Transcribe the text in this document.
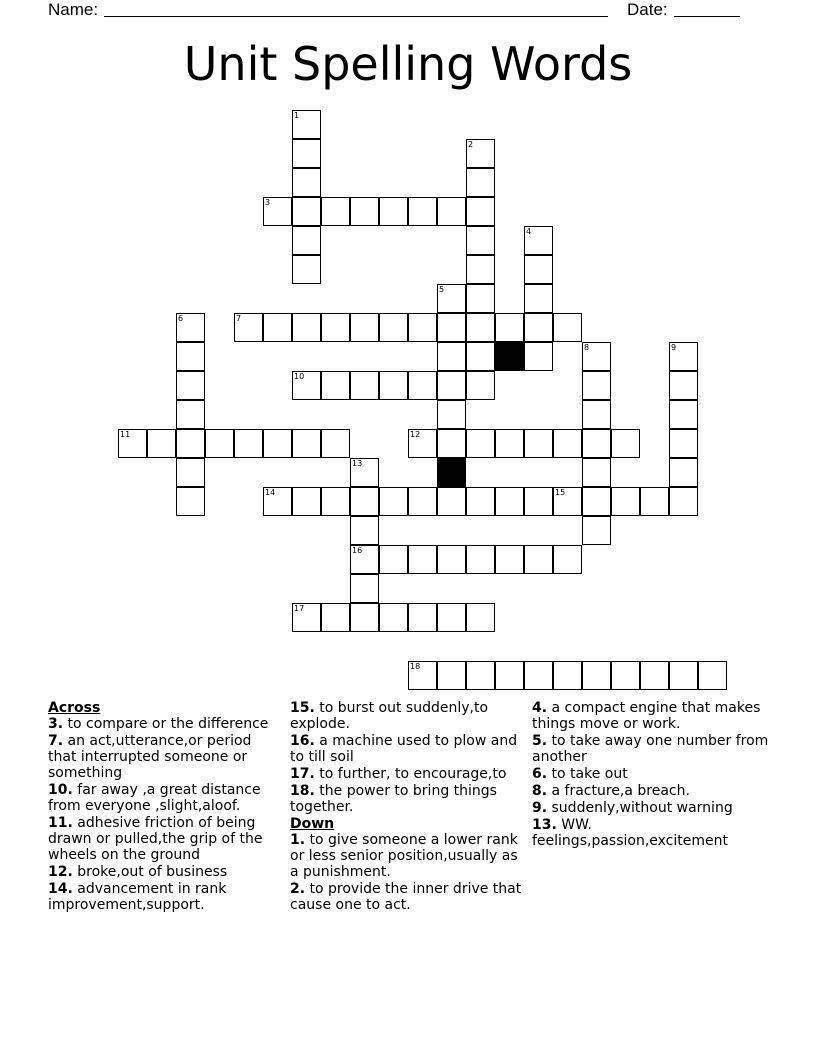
Name:	Date:
Unit Spelling Words
1
2
3
4
5
7
6
8	9
10
11	12
13
14	15
16
17
18

Across

3. to compare or the difference
7. an act,utterance,or period that interrupted someone or something
10. far away ,a great distance from everyone ,slight,aloof.
11. adhesive friction of being drawn or pulled,the grip of the wheels on the ground
12. broke,out of business
14. advancement in rank improvement,support.
15. to burst out suddenly,to explode.
16. a machine used to plow and to till soil
17. to further, to encourage,to
18. the power to bring things together.

Down

1. to give someone a lower rank or less senior position,usually as a punishment.
2. to provide the inner drive that cause one to act.
4. a compact engine that makes things move or work.
5. to take away one number from another
6. to take out
8. a fracture,a breach.
9. suddenly,without warning
13. WW. feelings,passion,excitement
